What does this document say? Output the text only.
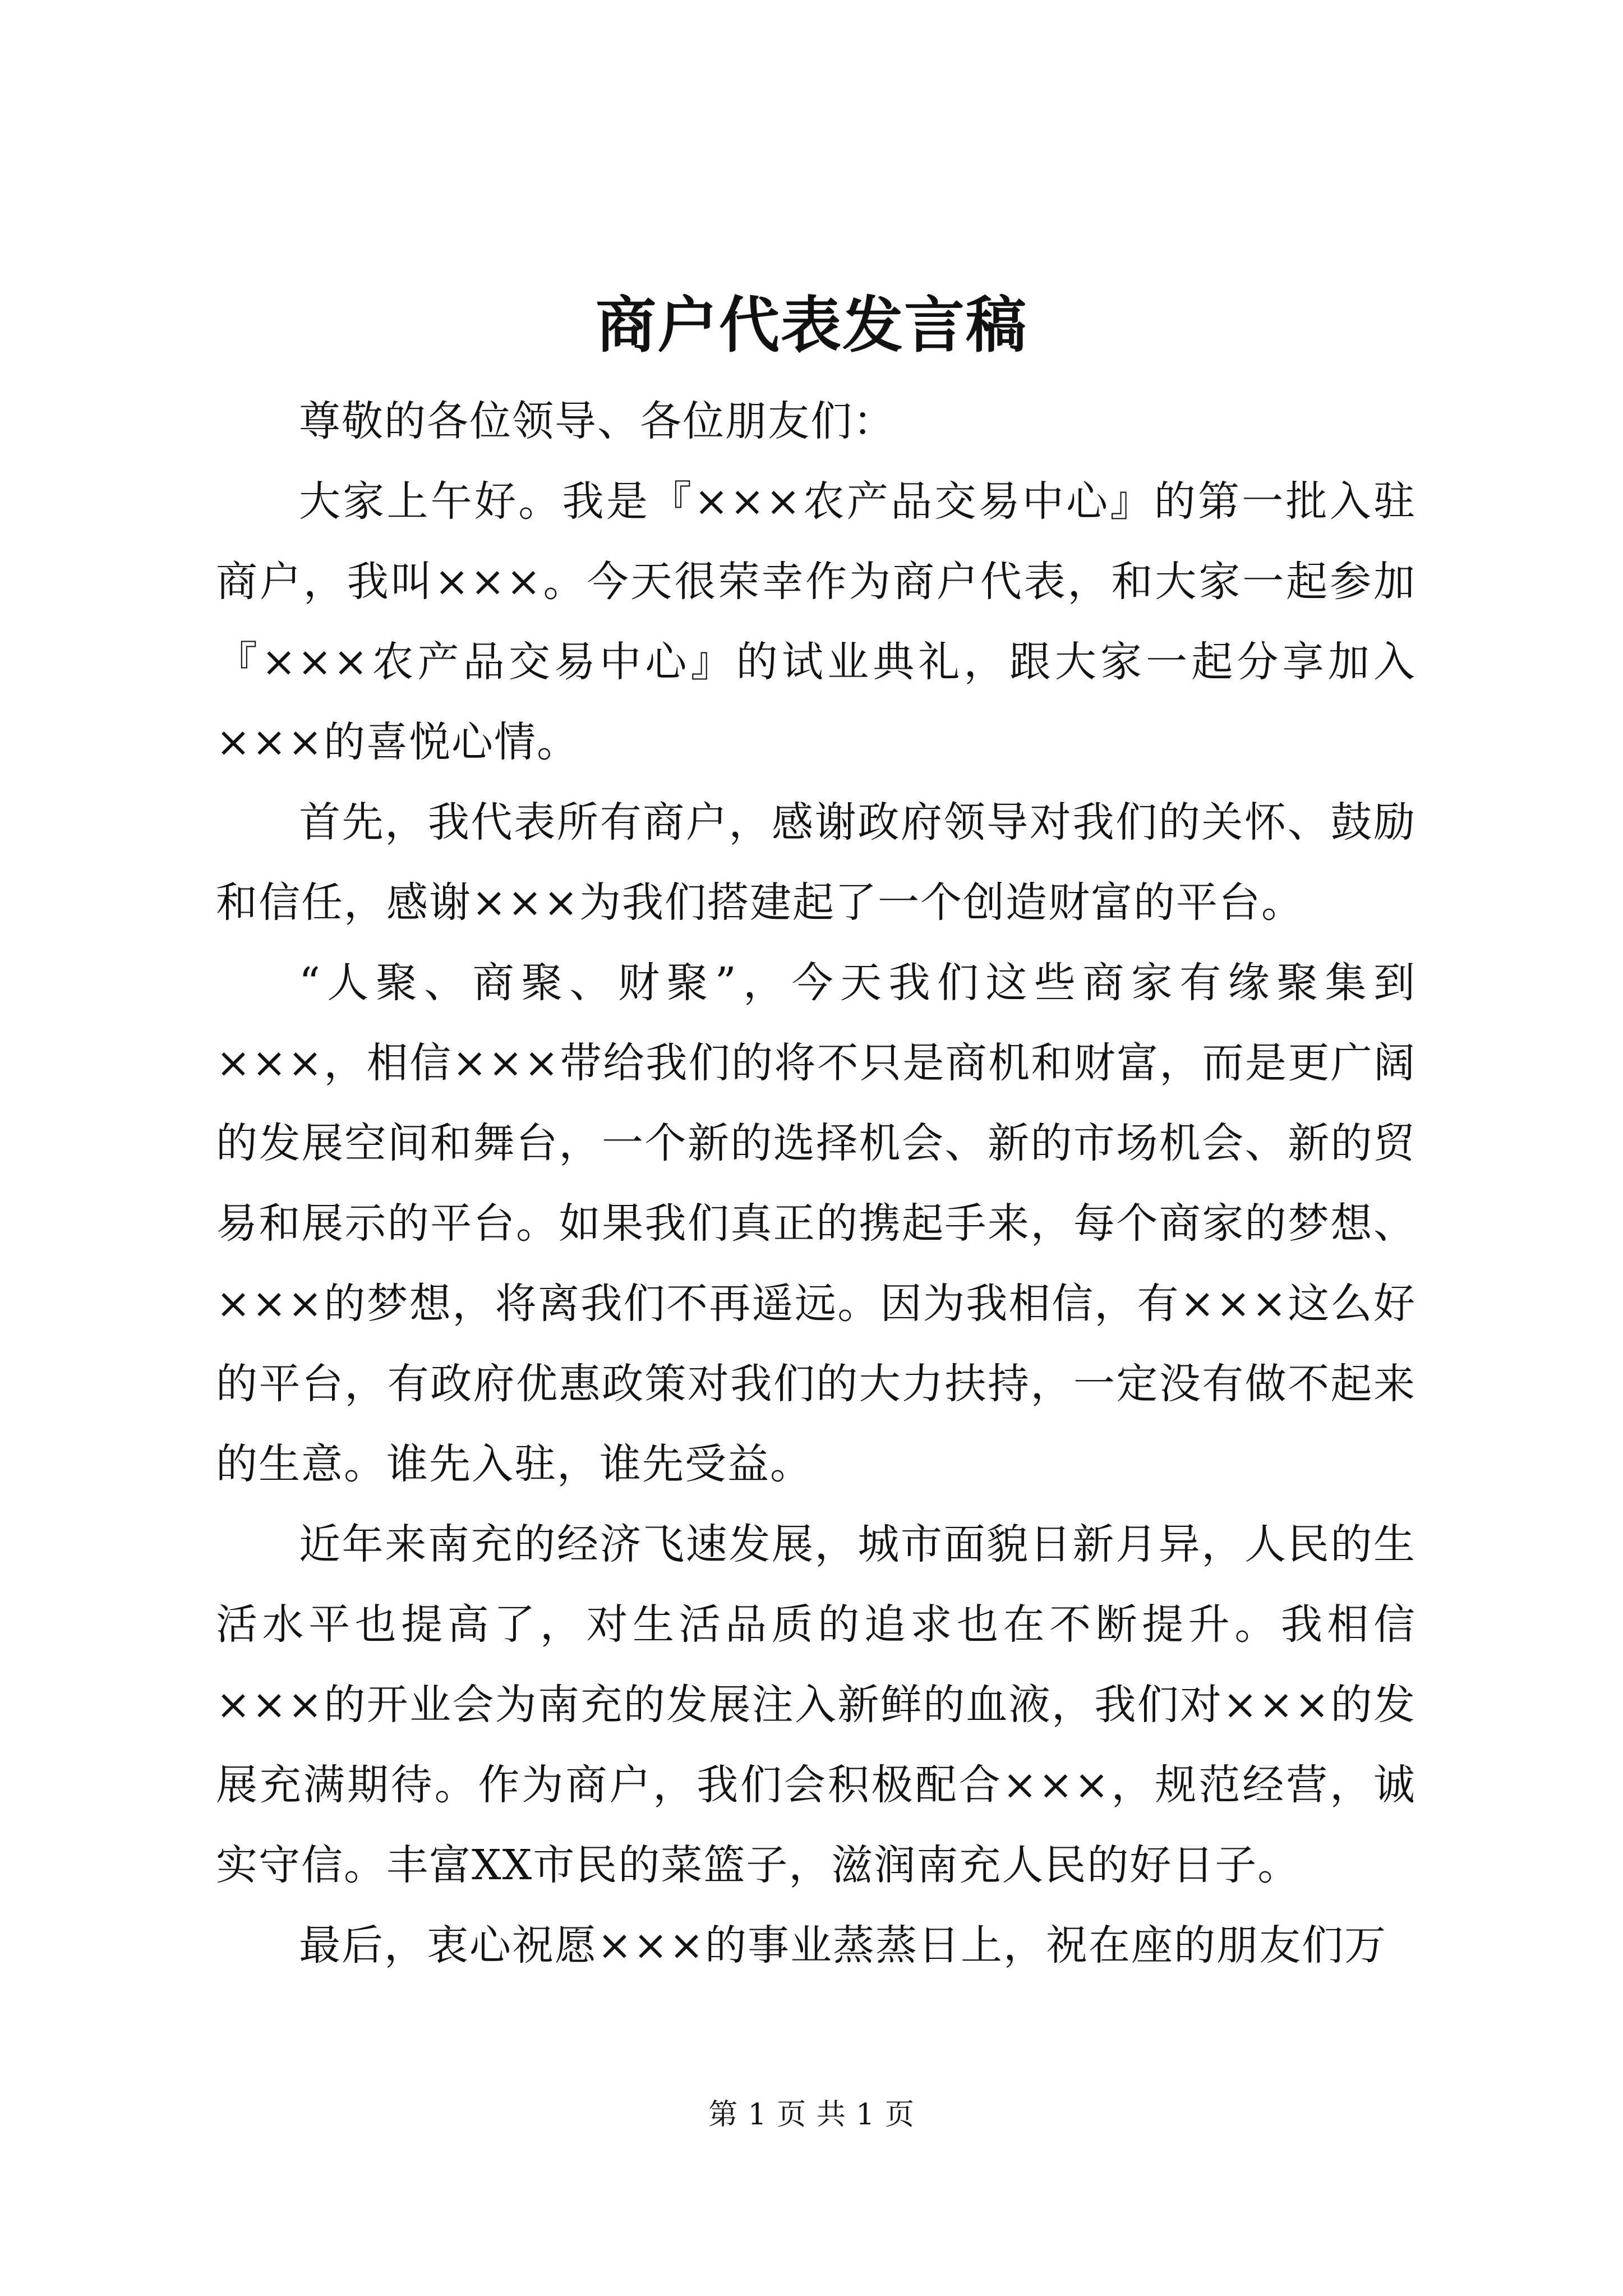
商户代表发言稿

尊敬的各位领导、各位朋友们：

大家上午好。我是『×××农产品交易中心』的第一批入驻商户，我叫×××。今天很荣幸作为商户代表，和大家一起参加『×××农产品交易中心』的试业典礼，跟大家一起分享加入×××的喜悦心情。

首先，我代表所有商户，感谢政府领导对我们的关怀、鼓励和信任，感谢×××为我们搭建起了一个创造财富的平台。

“人聚、商聚、财聚”，今天我们这些商家有缘聚集到×××，相信×××带给我们的将不只是商机和财富，而是更广阔的发展空间和舞台，一个新的选择机会、新的市场机会、新的贸易和展示的平台。如果我们真正的携起手来，每个商家的梦想、×××的梦想，将离我们不再遥远。因为我相信，有×××这么好的平台，有政府优惠政策对我们的大力扶持，一定没有做不起来的生意。谁先入驻，谁先受益。

近年来南充的经济飞速发展，城市面貌日新月异，人民的生活水平也提高了，对生活品质的追求也在不断提升。我相信×××的开业会为南充的发展注入新鲜的血液，我们对×××的发展充满期待。作为商户，我们会积极配合×××，规范经营，诚实守信。丰富XX市民的菜篮子，滋润南充人民的好日子。

最后，衷心祝愿×××的事业蒸蒸日上，祝在座的朋友们万

第 1 页 共 1 页
